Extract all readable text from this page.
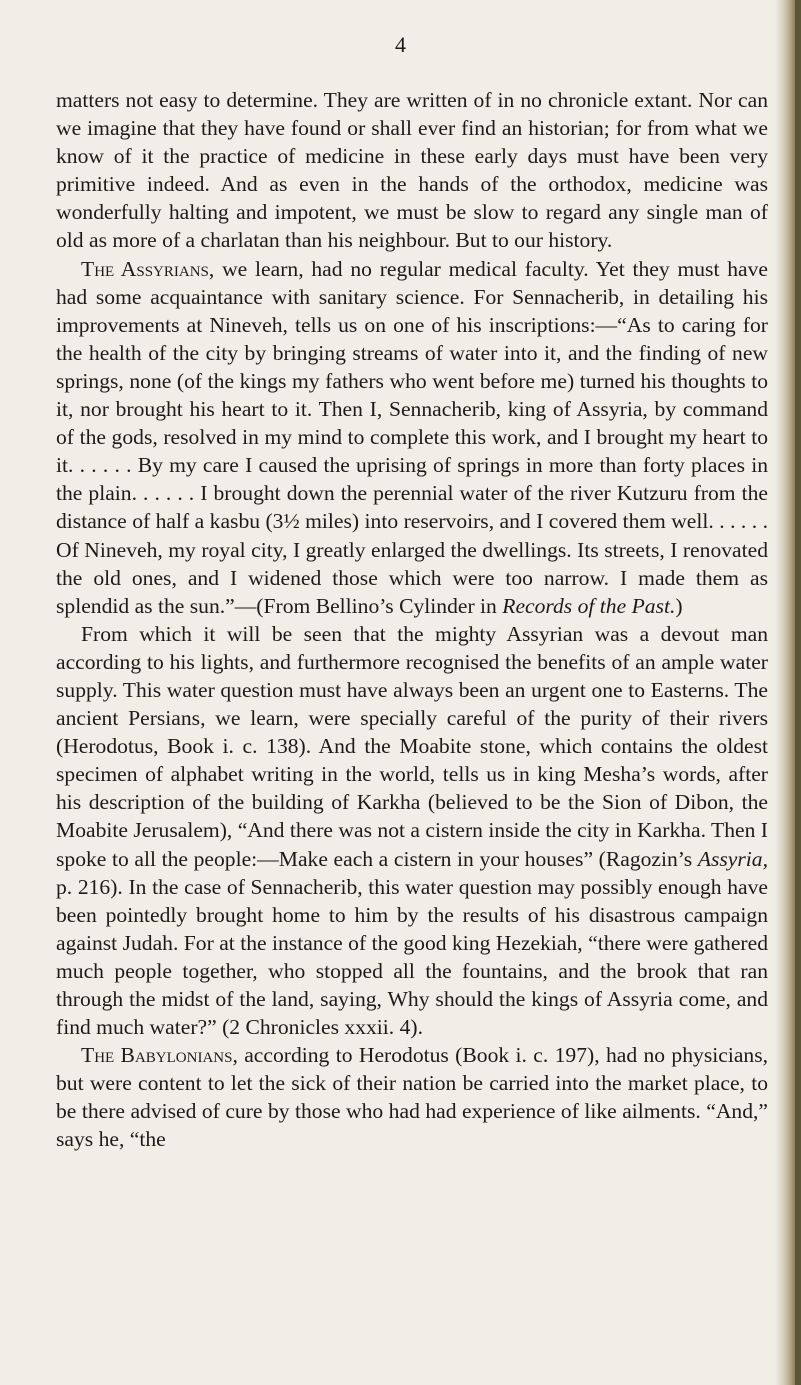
4

matters not easy to determine. They are written of in no chronicle extant. Nor can we imagine that they have found or shall ever find an historian; for from what we know of it the practice of medicine in these early days must have been very primitive indeed. And as even in the hands of the orthodox, medicine was wonderfully halting and impotent, we must be slow to regard any single man of old as more of a charlatan than his neighbour. But to our history.

The Assyrians, we learn, had no regular medical faculty. Yet they must have had some acquaintance with sanitary science. For Sennacherib, in detailing his improvements at Nineveh, tells us on one of his inscriptions:—“As to caring for the health of the city by bringing streams of water into it, and the finding of new springs, none (of the kings my fathers who went before me) turned his thoughts to it, nor brought his heart to it. Then I, Sennacherib, king of Assyria, by command of the gods, resolved in my mind to complete this work, and I brought my heart to it. . . . . . By my care I caused the uprising of springs in more than forty places in the plain. . . . . . I brought down the perennial water of the river Kutzuru from the distance of half a kasbu (3½ miles) into reservoirs, and I covered them well. . . . . . Of Nineveh, my royal city, I greatly enlarged the dwellings. Its streets, I renovated the old ones, and I widened those which were too narrow. I made them as splendid as the sun.”—(From Bellino’s Cylinder in Records of the Past.)

From which it will be seen that the mighty Assyrian was a devout man according to his lights, and furthermore recognised the benefits of an ample water supply. This water question must have always been an urgent one to Easterns. The ancient Persians, we learn, were specially careful of the purity of their rivers (Herodotus, Book i. c. 138). And the Moabite stone, which contains the oldest specimen of alphabet writing in the world, tells us in king Mesha’s words, after his description of the building of Karkha (believed to be the Sion of Dibon, the Moabite Jerusalem), “And there was not a cistern inside the city in Karkha. Then I spoke to all the people:—Make each a cistern in your houses” (Ragozin’s Assyria, p. 216). In the case of Sennacherib, this water question may possibly enough have been pointedly brought home to him by the results of his disastrous campaign against Judah. For at the instance of the good king Hezekiah, “there were gathered much people together, who stopped all the fountains, and the brook that ran through the midst of the land, saying, Why should the kings of Assyria come, and find much water?” (2 Chronicles xxxii. 4).

The Babylonians, according to Herodotus (Book i. c. 197), had no physicians, but were content to let the sick of their nation be carried into the market place, to be there advised of cure by those who had had experience of like ailments. “And,” says he, “the
